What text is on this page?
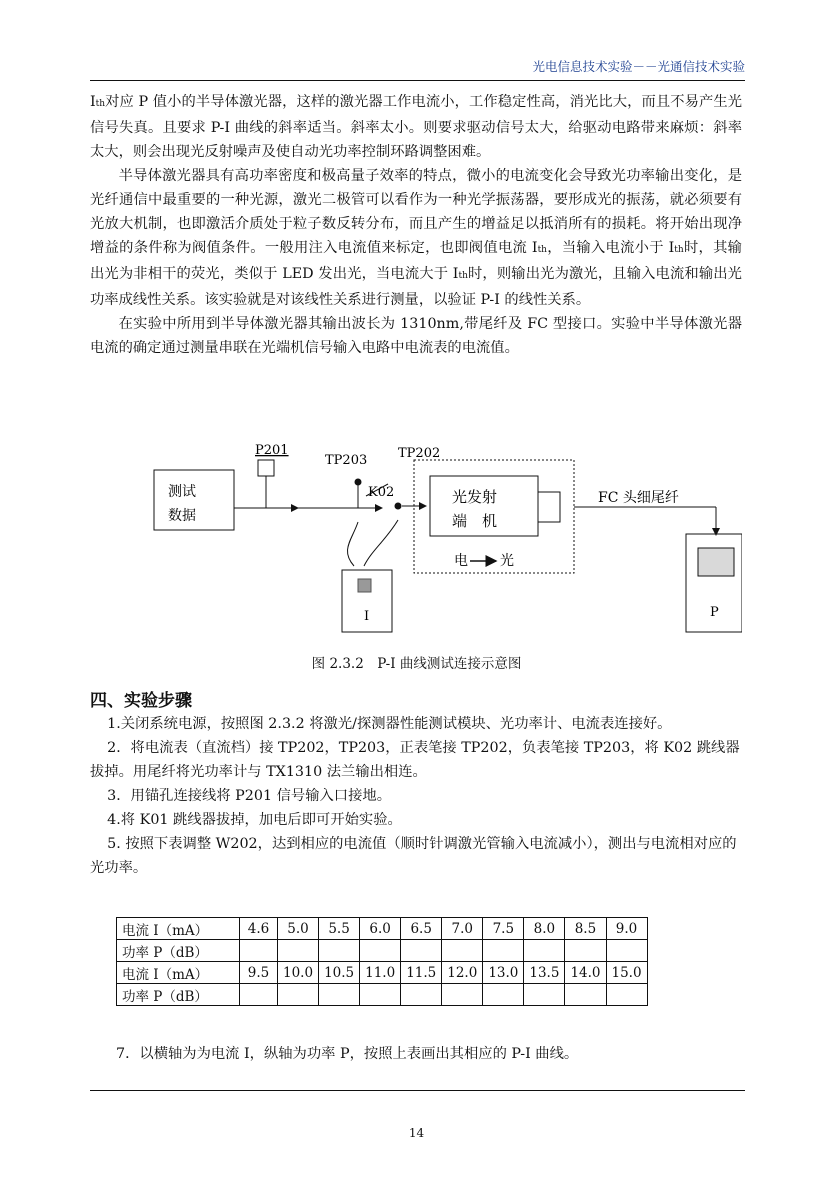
光电信息技术实验－－光通信技术实验

Ith对应 P 值小的半导体激光器，这样的激光器工作电流小，工作稳定性高，消光比大，而且不易产生光信号失真。且要求 P-I 曲线的斜率适当。斜率太小。则要求驱动信号太大，给驱动电路带来麻烦：斜率太大，则会出现光反射噪声及使自动光功率控制环路调整困难。

半导体激光器具有高功率密度和极高量子效率的特点，微小的电流变化会导致光功率输出变化，是光纤通信中最重要的一种光源，激光二极管可以看作为一种光学振荡器，要形成光的振荡，就必须要有光放大机制，也即激活介质处于粒子数反转分布，而且产生的增益足以抵消所有的损耗。将开始出现净增益的条件称为阀值条件。一般用注入电流值来标定，也即阀值电流 Ith，当输入电流小于 Ith时，其输出光为非相干的荧光，类似于 LED 发出光，当电流大于 Ith时，则输出光为激光，且输入电流和输出光功率成线性关系。该实验就是对该线性关系进行测量，以验证 P-I 的线性关系。

在实验中所用到半导体激光器其输出波长为 1310nm,带尾纤及 FC 型接口。实验中半导体激光器电流的确定通过测量串联在光端机信号输入电路中电流表的电流值。

测试
数据
P201
TP203 TP202
K02	光发射
端　机
电 光
FC 头细尾纤
I	P
图 2.3.2　P-I 曲线测试连接示意图
四、实验步骤

1.关闭系统电源，按照图 2.3.2 将激光/探测器性能测试模块、光功率计、电流表连接好。

2．将电流表（直流档）接 TP202，TP203，正表笔接 TP202，负表笔接 TP203，将 K02 跳线器拔掉。用尾纤将光功率计与 TX1310 法兰输出相连。

3．用锚孔连接线将 P201 信号输入口接地。

4.将 K01 跳线器拔掉，加电后即可开始实验。

5. 按照下表调整 W202，达到相应的电流值（顺时针调激光管输入电流减小），测出与电流相对应的光功率。

电流 I（mA）	4.6	5.0	5.5	6.0	6.5	7.0	7.5	8.0	8.5	9.0
功率 P（dB）										
电流 I（mA）	9.5	10.0	10.5	11.0	11.5	12.0	13.0	13.5	14.0	15.0
功率 P（dB）										
7．以横轴为为电流 I，纵轴为功率 P，按照上表画出其相应的 P-I 曲线。
14
